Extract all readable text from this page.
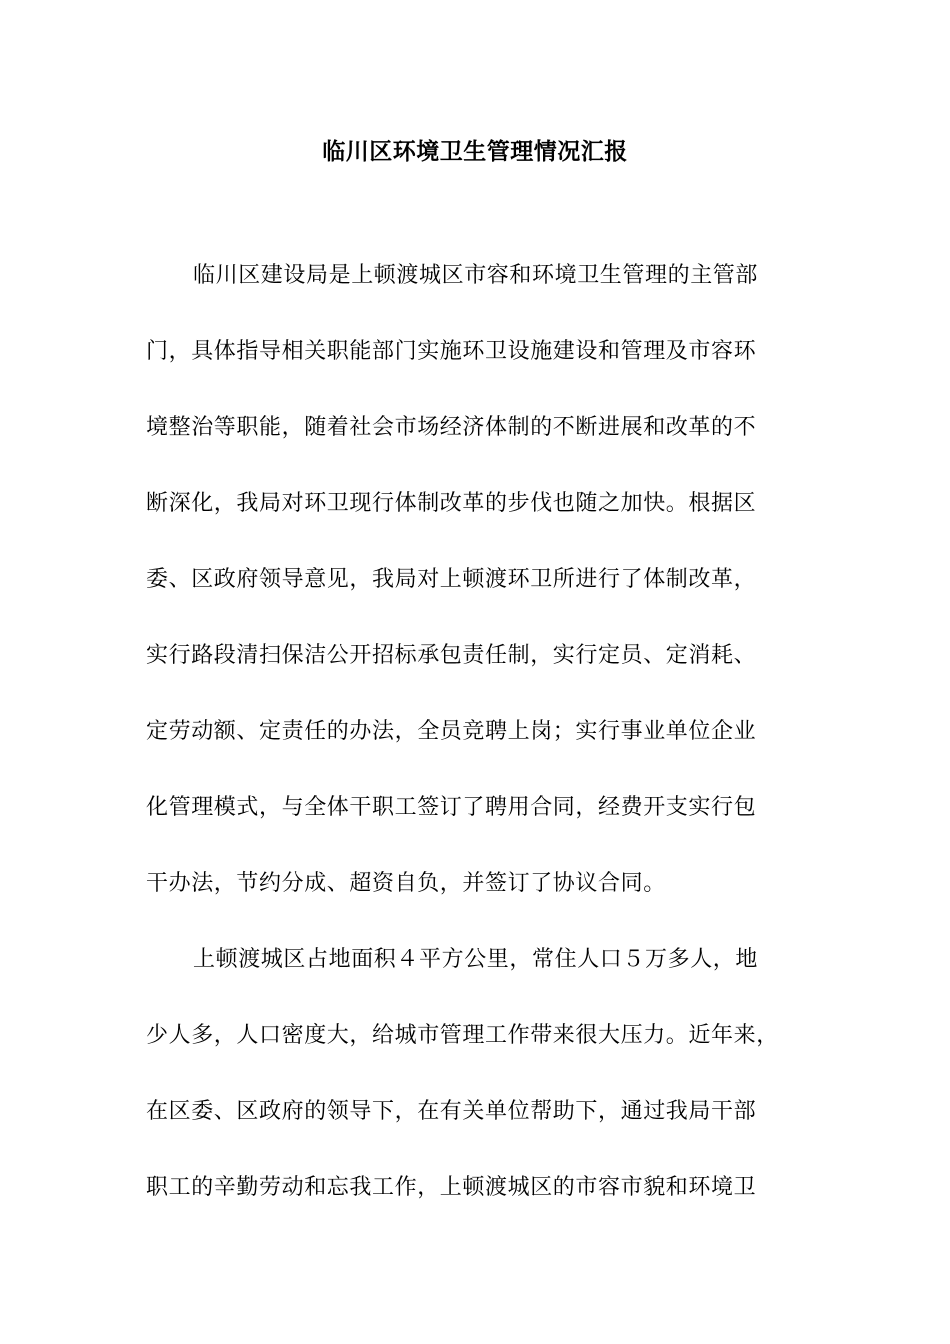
临川区环境卫生管理情况汇报
临川区建设局是上顿渡城区市容和环境卫生管理的主管部
门，具体指导相关职能部门实施环卫设施建设和管理及市容环
境整治等职能，随着社会市场经济体制的不断进展和改革的不
断深化，我局对环卫现行体制改革的步伐也随之加快。根据区
委、区政府领导意见，我局对上顿渡环卫所进行了体制改革，
实行路段清扫保洁公开招标承包责任制，实行定员、定消耗、
定劳动额、定责任的办法，全员竞聘上岗；实行事业单位企业
化管理模式，与全体干职工签订了聘用合同，经费开支实行包
干办法，节约分成、超资自负，并签订了协议合同。
上顿渡城区占地面积４平方公里，常住人口５万多人，地
少人多，人口密度大，给城市管理工作带来很大压力。近年来，
在区委、区政府的领导下，在有关单位帮助下，通过我局干部
职工的辛勤劳动和忘我工作，上顿渡城区的市容市貌和环境卫
